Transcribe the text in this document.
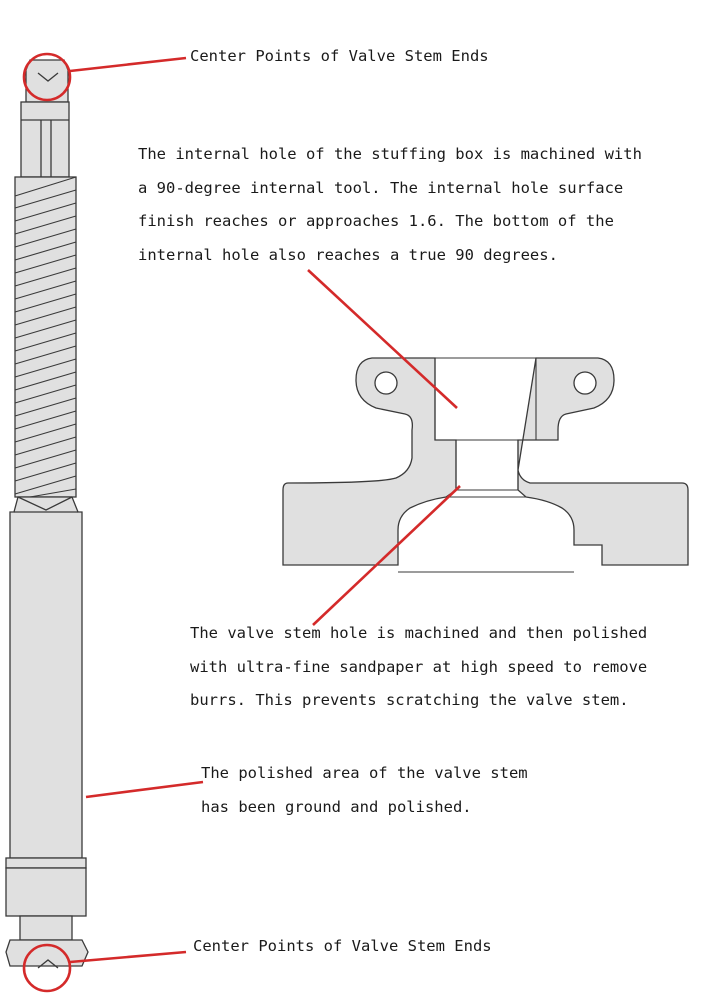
Center Points of Valve Stem Ends
The internal hole of the stuffing box is machined with
a 90-degree internal tool. The internal hole surface
finish reaches or approaches 1.6. The bottom of the
internal hole also reaches a true 90 degrees.
The valve stem hole is machined and then polished
with ultra-fine sandpaper at high speed to remove
burrs. This prevents scratching the valve stem.
The polished area of the valve stem
has been ground and polished.
Center Points of Valve Stem Ends
